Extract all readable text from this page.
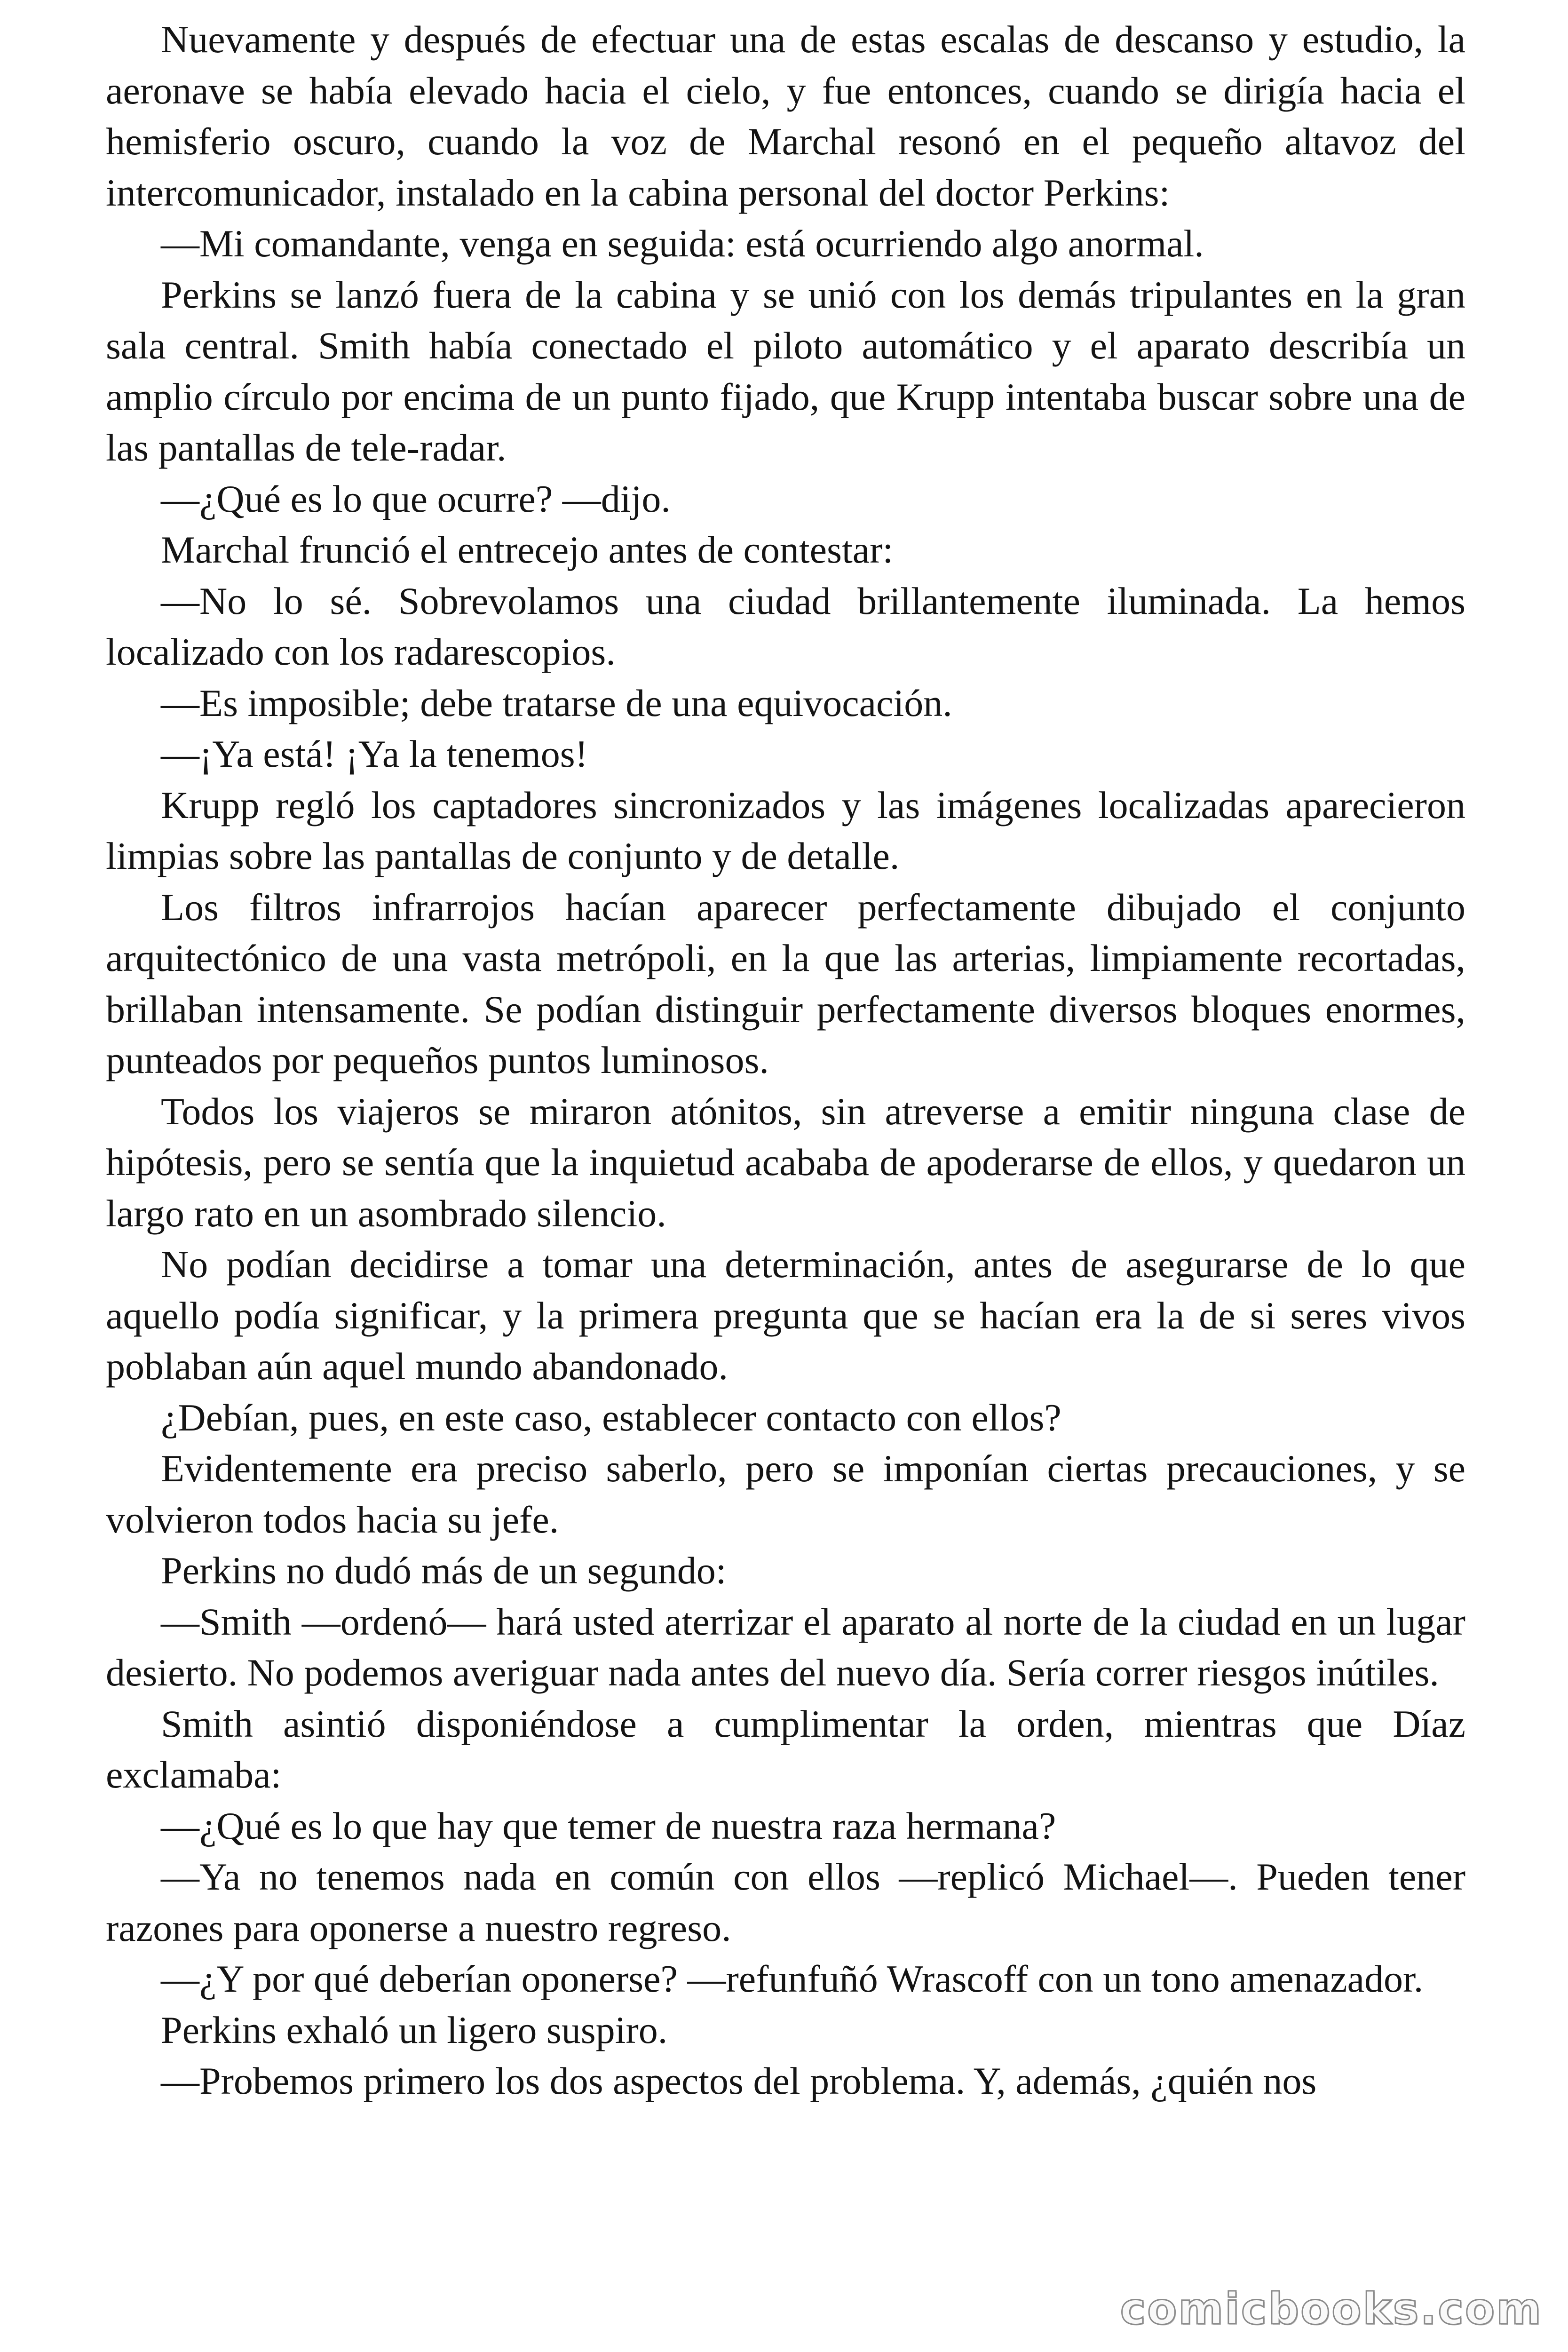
Nuevamente y después de efectuar una de estas escalas de descanso y estudio, la aeronave se había elevado hacia el cielo, y fue entonces, cuando se dirigía hacia el hemisferio oscuro, cuando la voz de Marchal resonó en el pequeño altavoz del intercomunicador, instalado en la cabina personal del doctor Perkins:

—Mi comandante, venga en seguida: está ocurriendo algo anormal.

Perkins se lanzó fuera de la cabina y se unió con los demás tripulantes en la gran sala central. Smith había conectado el piloto automático y el aparato describía un amplio círculo por encima de un punto fijado, que Krupp intentaba buscar sobre una de las pantallas de tele-radar.

—¿Qué es lo que ocurre? —dijo.

Marchal frunció el entrecejo antes de contestar:

—No lo sé. Sobrevolamos una ciudad brillantemente iluminada. La hemos localizado con los radarescopios.

—Es imposible; debe tratarse de una equivocación.

—¡Ya está! ¡Ya la tenemos!

Krupp regló los captadores sincronizados y las imágenes localizadas aparecieron limpias sobre las pantallas de conjunto y de detalle.

Los filtros infrarrojos hacían aparecer perfectamente dibujado el conjunto arquitectónico de una vasta metrópoli, en la que las arterias, limpiamente recortadas, brillaban intensamente. Se podían distinguir perfectamente diversos bloques enormes, punteados por pequeños puntos luminosos.

Todos los viajeros se miraron atónitos, sin atreverse a emitir ninguna clase de hipótesis, pero se sentía que la inquietud acababa de apoderarse de ellos, y quedaron un largo rato en un asombrado silencio.

No podían decidirse a tomar una determinación, antes de asegurarse de lo que aquello podía significar, y la primera pregunta que se hacían era la de si seres vivos poblaban aún aquel mundo abandonado.

¿Debían, pues, en este caso, establecer contacto con ellos?

Evidentemente era preciso saberlo, pero se imponían ciertas precauciones, y se volvieron todos hacia su jefe.

Perkins no dudó más de un segundo:

—Smith —ordenó— hará usted aterrizar el aparato al norte de la ciudad en un lugar desierto. No podemos averiguar nada antes del nuevo día. Sería correr riesgos inútiles.

Smith asintió disponiéndose a cumplimentar la orden, mientras que Díaz exclamaba:

—¿Qué es lo que hay que temer de nuestra raza hermana?

—Ya no tenemos nada en común con ellos —replicó Michael—. Pueden tener razones para oponerse a nuestro regreso.

—¿Y por qué deberían oponerse? —refunfuñó Wrascoff con un tono amenazador.

Perkins exhaló un ligero suspiro.

—Probemos primero los dos aspectos del problema. Y, además, ¿quién nos

comicbooks.com
